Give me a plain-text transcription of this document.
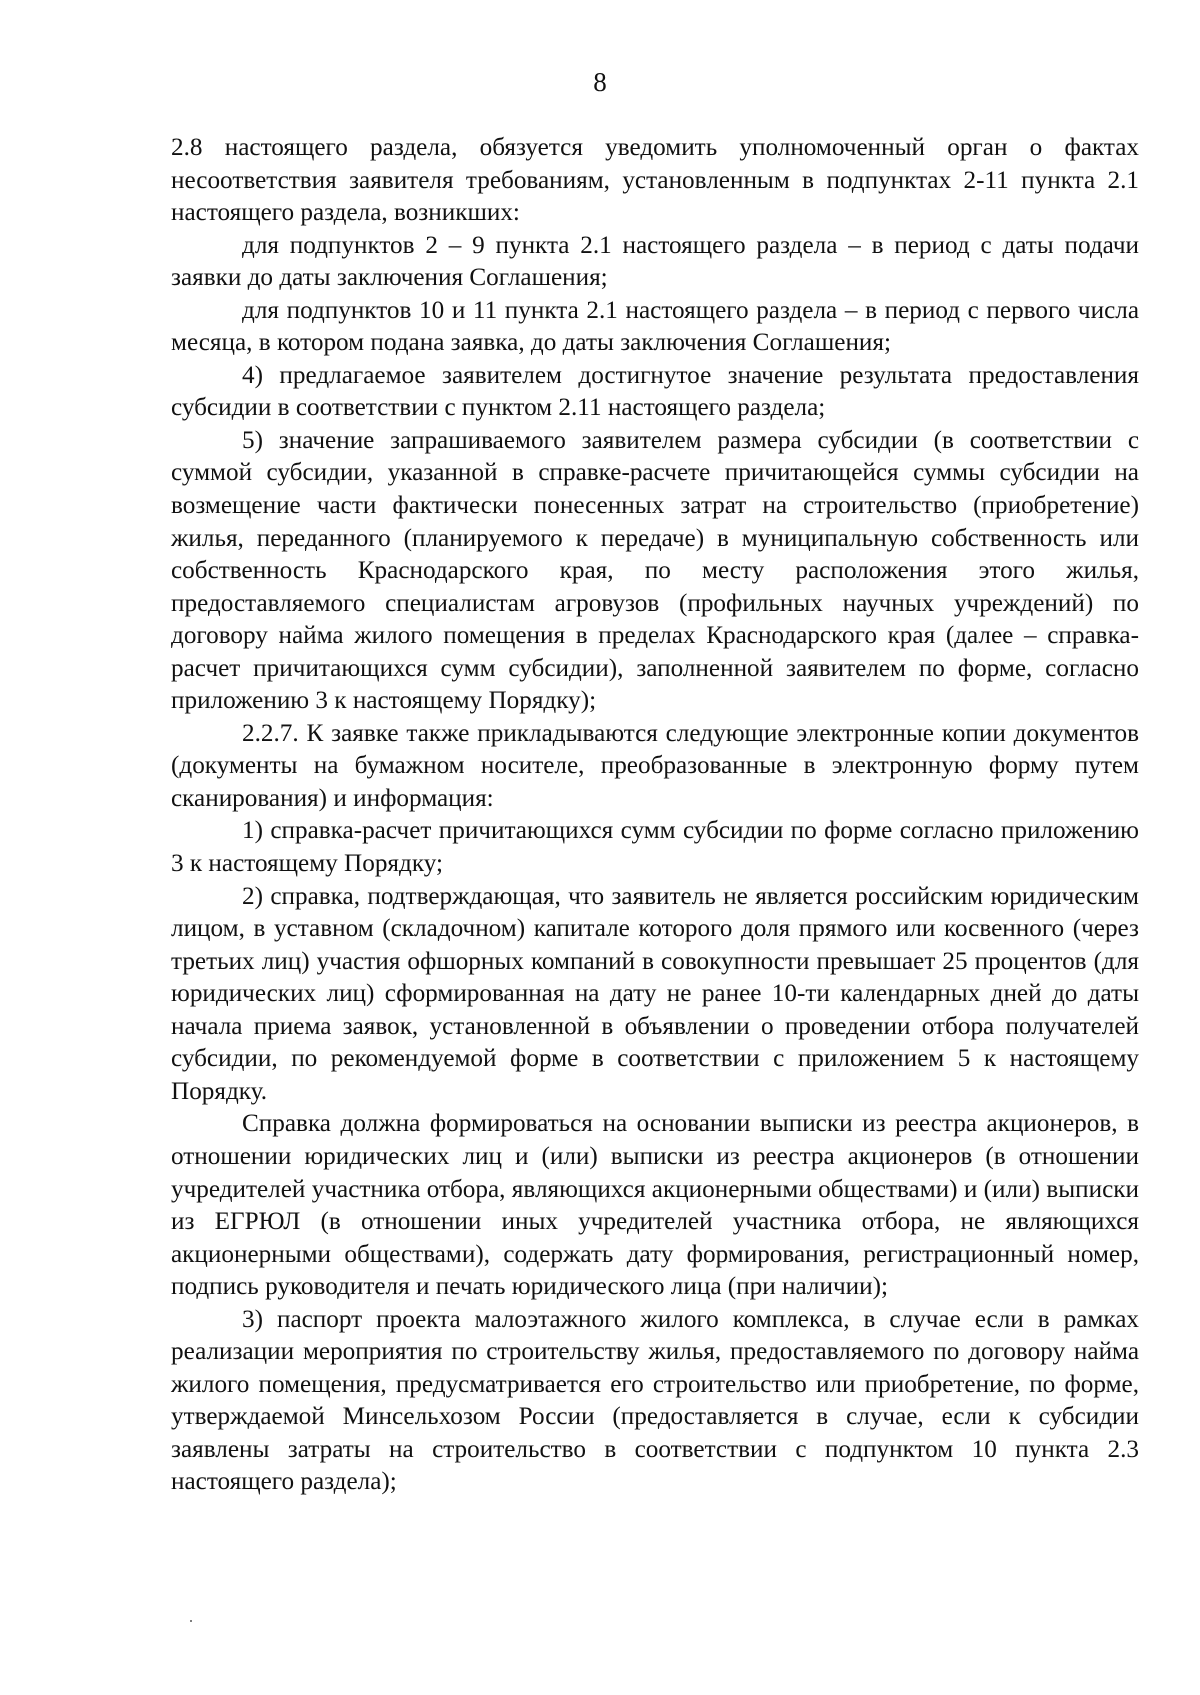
8

2.8 настоящего раздела, обязуется уведомить уполномоченный орган о фактах несоответствия заявителя требованиям, установленным в подпунктах 2-11 пункта 2.1 настоящего раздела, возникших:

для подпунктов 2 – 9 пункта 2.1 настоящего раздела – в период с даты подачи заявки до даты заключения Соглашения;

для подпунктов 10 и 11 пункта 2.1 настоящего раздела – в период с первого числа месяца, в котором подана заявка, до даты заключения Соглашения;

4) предлагаемое заявителем достигнутое значение результата предоставления субсидии в соответствии с пунктом 2.11 настоящего раздела;

5) значение запрашиваемого заявителем размера субсидии (в соответствии с суммой субсидии, указанной в справке-расчете причитающейся суммы субсидии на возмещение части фактически понесенных затрат на строительство (приобретение) жилья, переданного (планируемого к передаче) в муниципальную собственность или собственность Краснодарского края, по месту расположения этого жилья, предоставляемого специалистам агровузов (профильных научных учреждений) по договору найма жилого помещения в пределах Краснодарского края (далее – справка-расчет причитающихся сумм субсидии), заполненной заявителем по форме, согласно приложению 3 к настоящему Порядку);

2.2.7. К заявке также прикладываются следующие электронные копии документов (документы на бумажном носителе, преобразованные в электронную форму путем сканирования) и информация:

1) справка-расчет причитающихся сумм субсидии по форме согласно приложению 3 к настоящему Порядку;

2) справка, подтверждающая, что заявитель не является российским юридическим лицом, в уставном (складочном) капитале которого доля прямого или косвенного (через третьих лиц) участия офшорных компаний в совокупности превышает 25 процентов (для юридических лиц) сформированная на дату не ранее 10-ти календарных дней до даты начала приема заявок, установленной в объявлении о проведении отбора получателей субсидии, по рекомендуемой форме в соответствии с приложением 5 к настоящему Порядку.

Справка должна формироваться на основании выписки из реестра акционеров, в отношении юридических лиц и (или) выписки из реестра акционеров (в отношении учредителей участника отбора, являющихся акционерными обществами) и (или) выписки из ЕГРЮЛ (в отношении иных учредителей участника отбора, не являющихся акционерными обществами), содержать дату формирования, регистрационный номер, подпись руководителя и печать юридического лица (при наличии);

3) паспорт проекта малоэтажного жилого комплекса, в случае если в рамках реализации мероприятия по строительству жилья, предоставляемого по договору найма жилого помещения, предусматривается его строительство или приобретение, по форме, утверждаемой Минсельхозом России (предоставляется в случае, если к субсидии заявлены затраты на строительство в соответствии с подпунктом 10 пункта 2.3 настоящего раздела);
